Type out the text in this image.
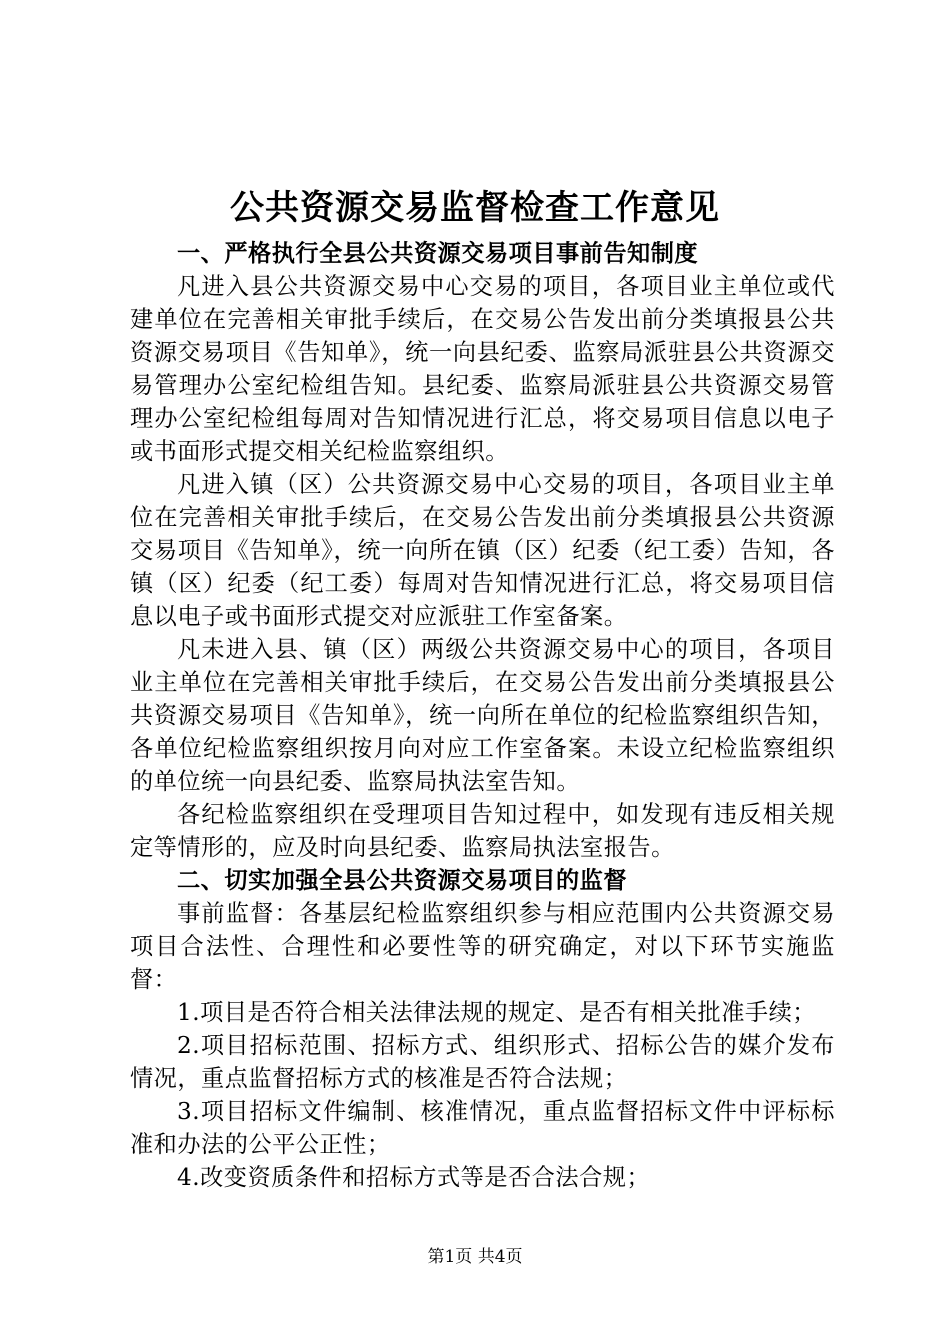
公共资源交易监督检查工作意见

一、严格执行全县公共资源交易项目事前告知制度

凡进入县公共资源交易中心交易的项目，各项目业主单位或代建单位在完善相关审批手续后，在交易公告发出前分类填报县公共资源交易项目《告知单》，统一向县纪委、监察局派驻县公共资源交易管理办公室纪检组告知。县纪委、监察局派驻县公共资源交易管理办公室纪检组每周对告知情况进行汇总，将交易项目信息以电子或书面形式提交相关纪检监察组织。

凡进入镇（区）公共资源交易中心交易的项目，各项目业主单位在完善相关审批手续后，在交易公告发出前分类填报县公共资源交易项目《告知单》，统一向所在镇（区）纪委（纪工委）告知，各镇（区）纪委（纪工委）每周对告知情况进行汇总，将交易项目信息以电子或书面形式提交对应派驻工作室备案。

凡未进入县、镇（区）两级公共资源交易中心的项目，各项目业主单位在完善相关审批手续后，在交易公告发出前分类填报县公共资源交易项目《告知单》，统一向所在单位的纪检监察组织告知，各单位纪检监察组织按月向对应工作室备案。未设立纪检监察组织的单位统一向县纪委、监察局执法室告知。

各纪检监察组织在受理项目告知过程中，如发现有违反相关规定等情形的，应及时向县纪委、监察局执法室报告。

二、切实加强全县公共资源交易项目的监督

事前监督：各基层纪检监察组织参与相应范围内公共资源交易项目合法性、合理性和必要性等的研究确定，对以下环节实施监督：

1.项目是否符合相关法律法规的规定、是否有相关批准手续；

2.项目招标范围、招标方式、组织形式、招标公告的媒介发布情况，重点监督招标方式的核准是否符合法规；

3.项目招标文件编制、核准情况，重点监督招标文件中评标标准和办法的公平公正性；

4.改变资质条件和招标方式等是否合法合规；

第1页 共4页
